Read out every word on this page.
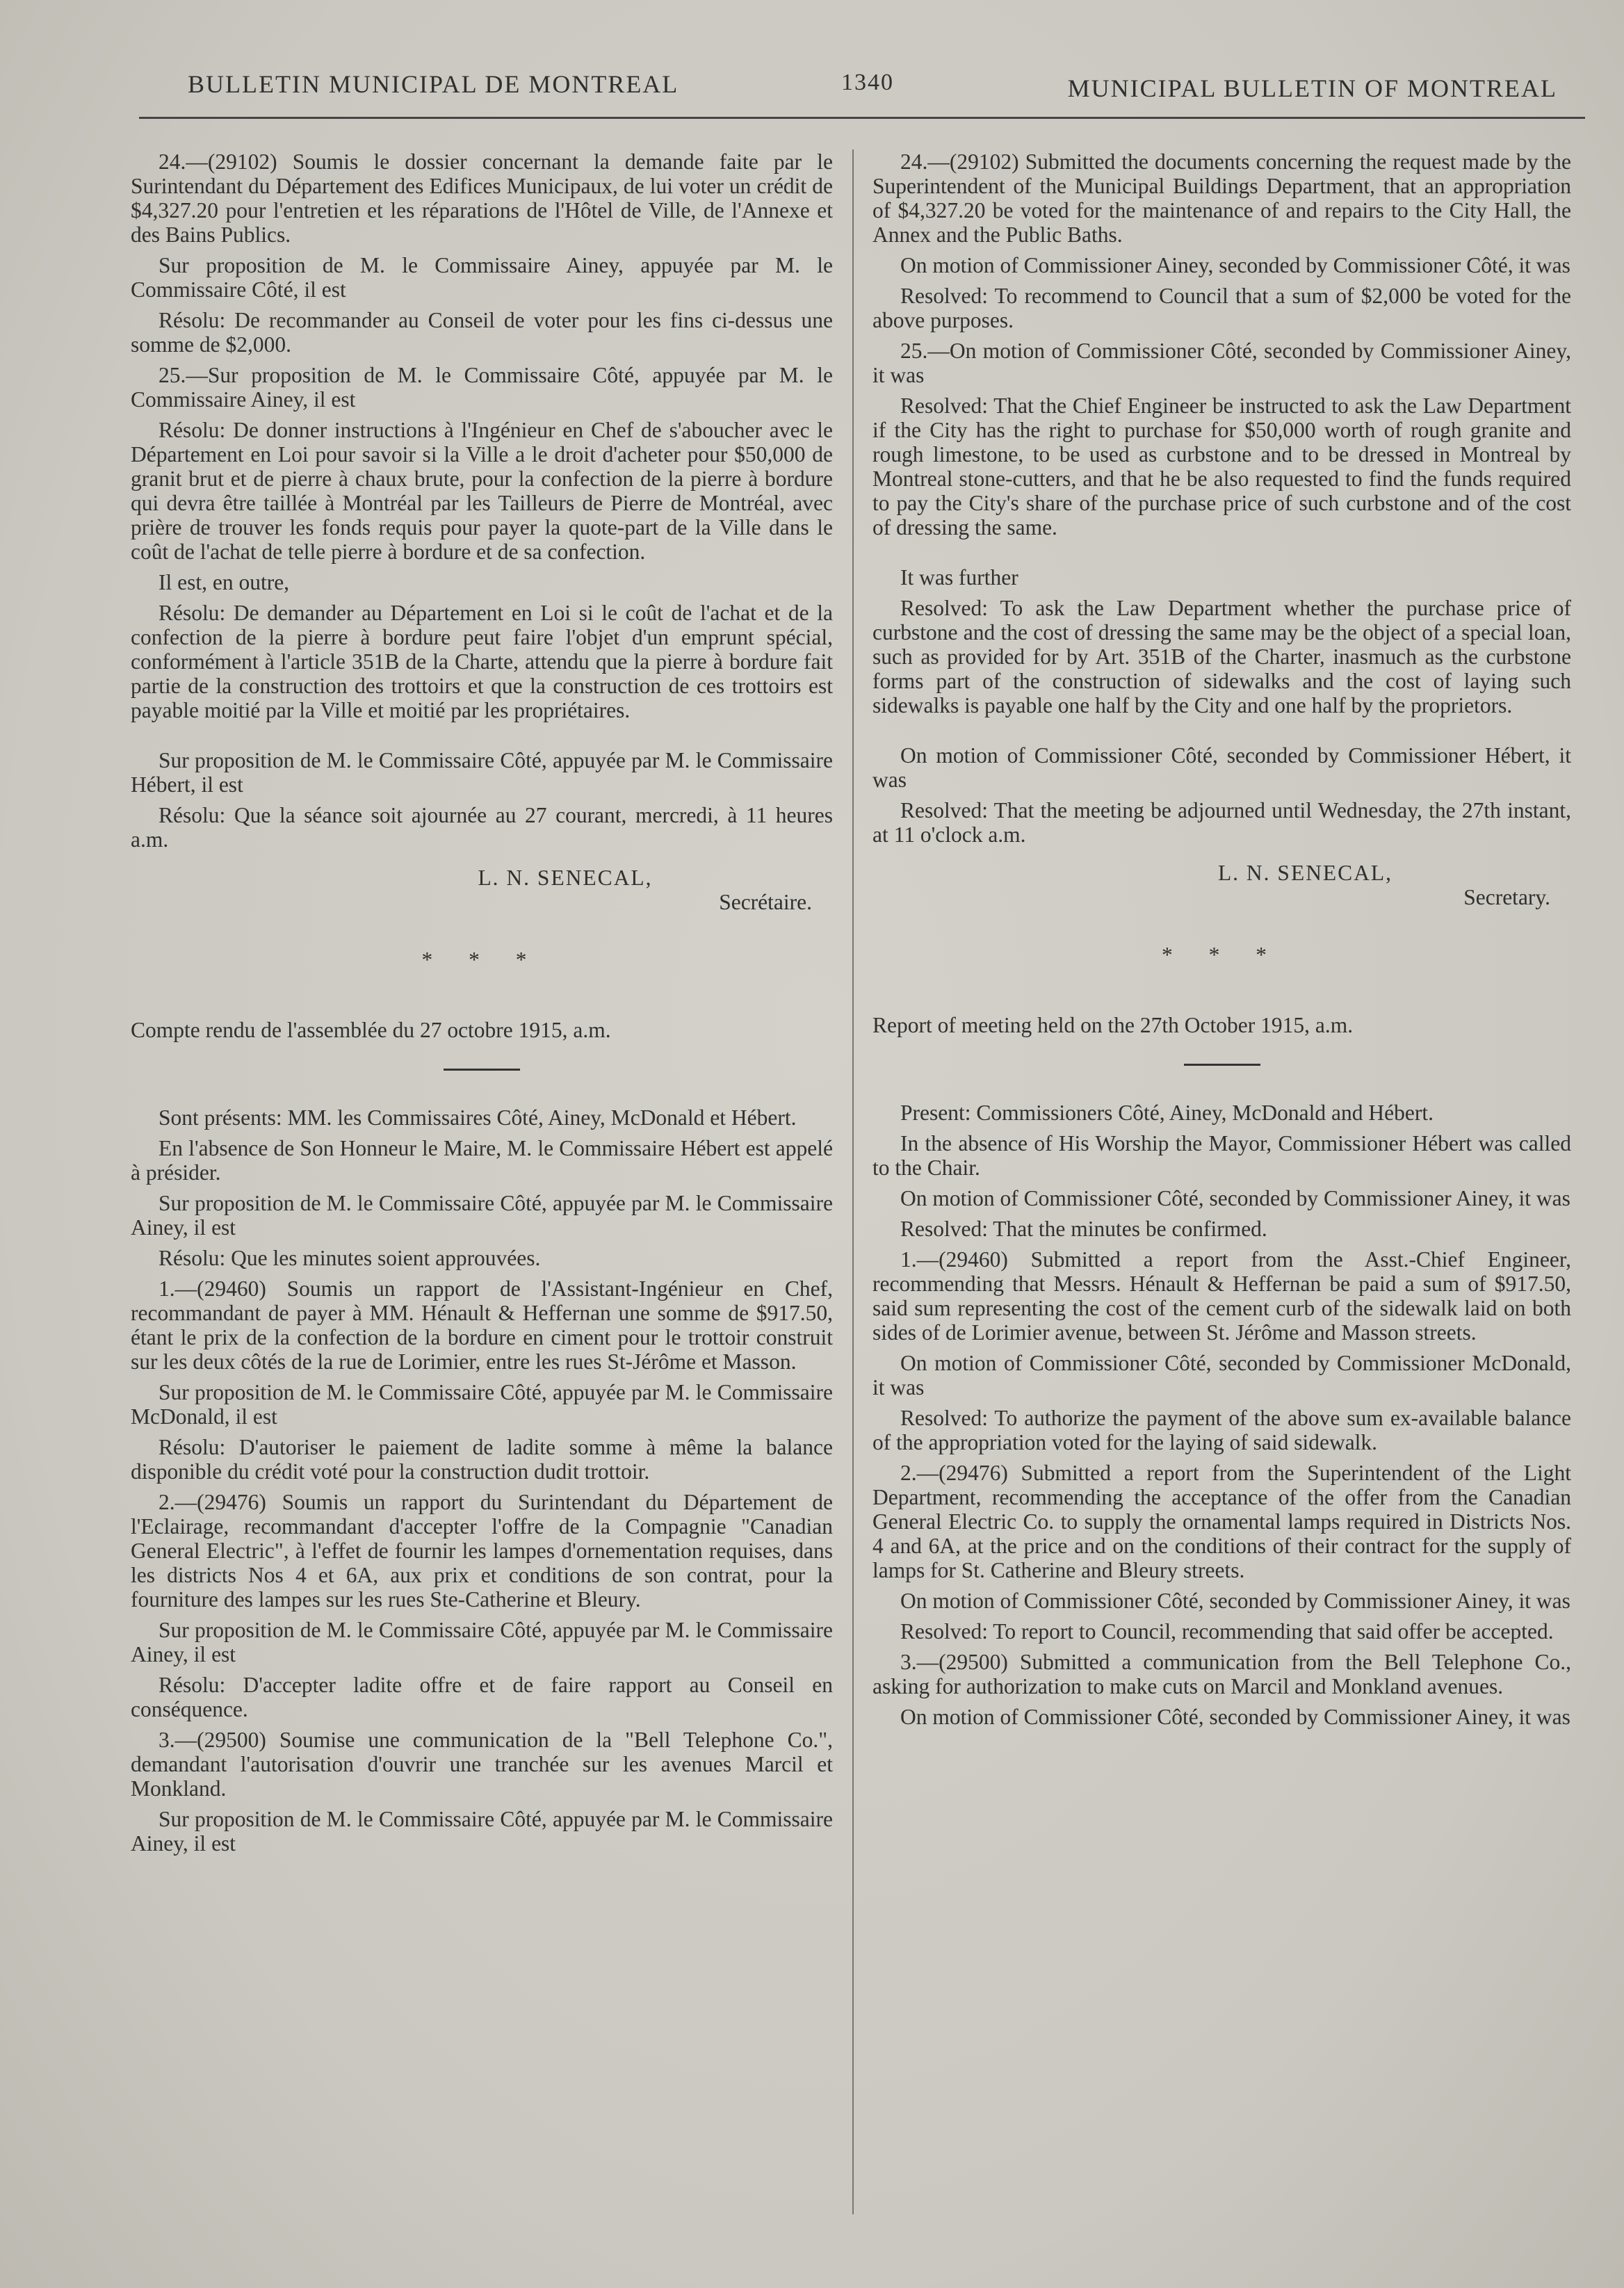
BULLETIN MUNICIPAL DE MONTREAL	1340	MUNICIPAL BULLETIN OF MONTREAL

24.—(29102) Soumis le dossier concernant la demande faite par le Surintendant du Département des Edifices Municipaux, de lui voter un crédit de $4,327.20 pour l'entretien et les réparations de l'Hôtel de Ville, de l'Annexe et des Bains Publics.

Sur proposition de M. le Commissaire Ainey, appuyée par M. le Commissaire Côté, il est

Résolu: De recommander au Conseil de voter pour les fins ci-dessus une somme de $2,000.

25.—Sur proposition de M. le Commissaire Côté, appuyée par M. le Commissaire Ainey, il est

Résolu: De donner instructions à l'Ingénieur en Chef de s'aboucher avec le Département en Loi pour savoir si la Ville a le droit d'acheter pour $50,000 de granit brut et de pierre à chaux brute, pour la confection de la pierre à bordure qui devra être taillée à Montréal par les Tailleurs de Pierre de Montréal, avec prière de trouver les fonds requis pour payer la quote-part de la Ville dans le coût de l'achat de telle pierre à bordure et de sa confection.

Il est, en outre,

Résolu: De demander au Département en Loi si le coût de l'achat et de la confection de la pierre à bordure peut faire l'objet d'un emprunt spécial, conformément à l'article 351B de la Charte, attendu que la pierre à bordure fait partie de la construction des trottoirs et que la construction de ces trottoirs est payable moitié par la Ville et moitié par les propriétaires.

Sur proposition de M. le Commissaire Côté, appuyée par M. le Commissaire Hébert, il est

Résolu: Que la séance soit ajournée au 27 courant, mercredi, à 11 heures a.m.

L. N. SENECAL,
Secrétaire.
* * *
Compte rendu de l'assemblée du 27 octobre 1915, a.m.

Sont présents: MM. les Commissaires Côté, Ainey, McDonald et Hébert.

En l'absence de Son Honneur le Maire, M. le Commissaire Hébert est appelé à présider.

Sur proposition de M. le Commissaire Côté, appuyée par M. le Commissaire Ainey, il est

Résolu: Que les minutes soient approuvées.

1.—(29460) Soumis un rapport de l'Assistant-Ingénieur en Chef, recommandant de payer à MM. Hénault & Heffernan une somme de $917.50, étant le prix de la confection de la bordure en ciment pour le trottoir construit sur les deux côtés de la rue de Lorimier, entre les rues St-Jérôme et Masson.

Sur proposition de M. le Commissaire Côté, appuyée par M. le Commissaire McDonald, il est

Résolu: D'autoriser le paiement de ladite somme à même la balance disponible du crédit voté pour la construction dudit trottoir.

2.—(29476) Soumis un rapport du Surintendant du Département de l'Eclairage, recommandant d'accepter l'offre de la Compagnie "Canadian General Electric", à l'effet de fournir les lampes d'ornementation requises, dans les districts Nos 4 et 6A, aux prix et conditions de son contrat, pour la fourniture des lampes sur les rues Ste-Catherine et Bleury.

Sur proposition de M. le Commissaire Côté, appuyée par M. le Commissaire Ainey, il est

Résolu: D'accepter ladite offre et de faire rapport au Conseil en conséquence.

3.—(29500) Soumise une communication de la "Bell Telephone Co.", demandant l'autorisation d'ouvrir une tranchée sur les avenues Marcil et Monkland.

Sur proposition de M. le Commissaire Côté, appuyée par M. le Commissaire Ainey, il est

24.—(29102) Submitted the documents concerning the request made by the Superintendent of the Municipal Buildings Department, that an appropriation of $4,327.20 be voted for the maintenance of and repairs to the City Hall, the Annex and the Public Baths.

On motion of Commissioner Ainey, seconded by Commissioner Côté, it was

Resolved: To recommend to Council that a sum of $2,000 be voted for the above purposes.

25.—On motion of Commissioner Côté, seconded by Commissioner Ainey, it was

Resolved: That the Chief Engineer be instructed to ask the Law Department if the City has the right to purchase for $50,000 worth of rough granite and rough limestone, to be used as curbstone and to be dressed in Montreal by Montreal stone-cutters, and that he be also requested to find the funds required to pay the City's share of the purchase price of such curbstone and of the cost of dressing the same.

It was further

Resolved: To ask the Law Department whether the purchase price of curbstone and the cost of dressing the same may be the object of a special loan, such as provided for by Art. 351B of the Charter, inasmuch as the curbstone forms part of the construction of sidewalks and the cost of laying such sidewalks is payable one half by the City and one half by the proprietors.

On motion of Commissioner Côté, seconded by Commissioner Hébert, it was

Resolved: That the meeting be adjourned until Wednesday, the 27th instant, at 11 o'clock a.m.

L. N. SENECAL,
Secretary.
* * *
Report of meeting held on the 27th October 1915, a.m.

Present: Commissioners Côté, Ainey, McDonald and Hébert.

In the absence of His Worship the Mayor, Commissioner Hébert was called to the Chair.

On motion of Commissioner Côté, seconded by Commissioner Ainey, it was

Resolved: That the minutes be confirmed.

1.—(29460) Submitted a report from the Asst.-Chief Engineer, recommending that Messrs. Hénault & Heffernan be paid a sum of $917.50, said sum representing the cost of the cement curb of the sidewalk laid on both sides of de Lorimier avenue, between St. Jérôme and Masson streets.

On motion of Commissioner Côté, seconded by Commissioner McDonald, it was

Resolved: To authorize the payment of the above sum ex-available balance of the appropriation voted for the laying of said sidewalk.

2.—(29476) Submitted a report from the Superintendent of the Light Department, recommending the acceptance of the offer from the Canadian General Electric Co. to supply the ornamental lamps required in Districts Nos. 4 and 6A, at the price and on the conditions of their contract for the supply of lamps for St. Catherine and Bleury streets.

On motion of Commissioner Côté, seconded by Commissioner Ainey, it was

Resolved: To report to Council, recommending that said offer be accepted.

3.—(29500) Submitted a communication from the Bell Telephone Co., asking for authorization to make cuts on Marcil and Monkland avenues.

On motion of Commissioner Côté, seconded by Commissioner Ainey, it was
